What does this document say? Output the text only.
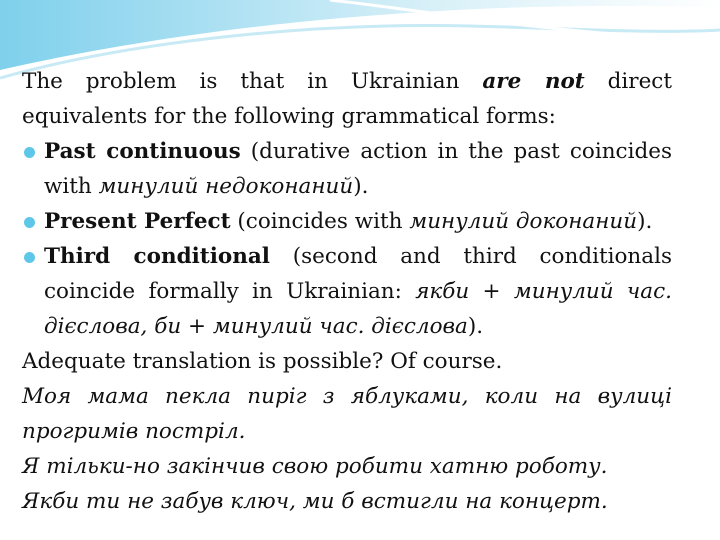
The problem is that in Ukrainian are not direct equivalents for the following grammatical forms:
Past continuous (durative action in the past coincides with минулий недоконаний).
Present Perfect (coincides with минулий доконаний).
Third conditional (second and third conditionals coincide formally in Ukrainian: якби + минулий час. дієслова, би + минулий час. дієслова).
Adequate translation is possible? Of course.
Моя мама пекла пиріг з яблуками, коли на вулиці прогримів постріл.
Я тільки-но закінчив свою робити хатню роботу.
Якби ти не забув ключ, ми б встигли на концерт.
